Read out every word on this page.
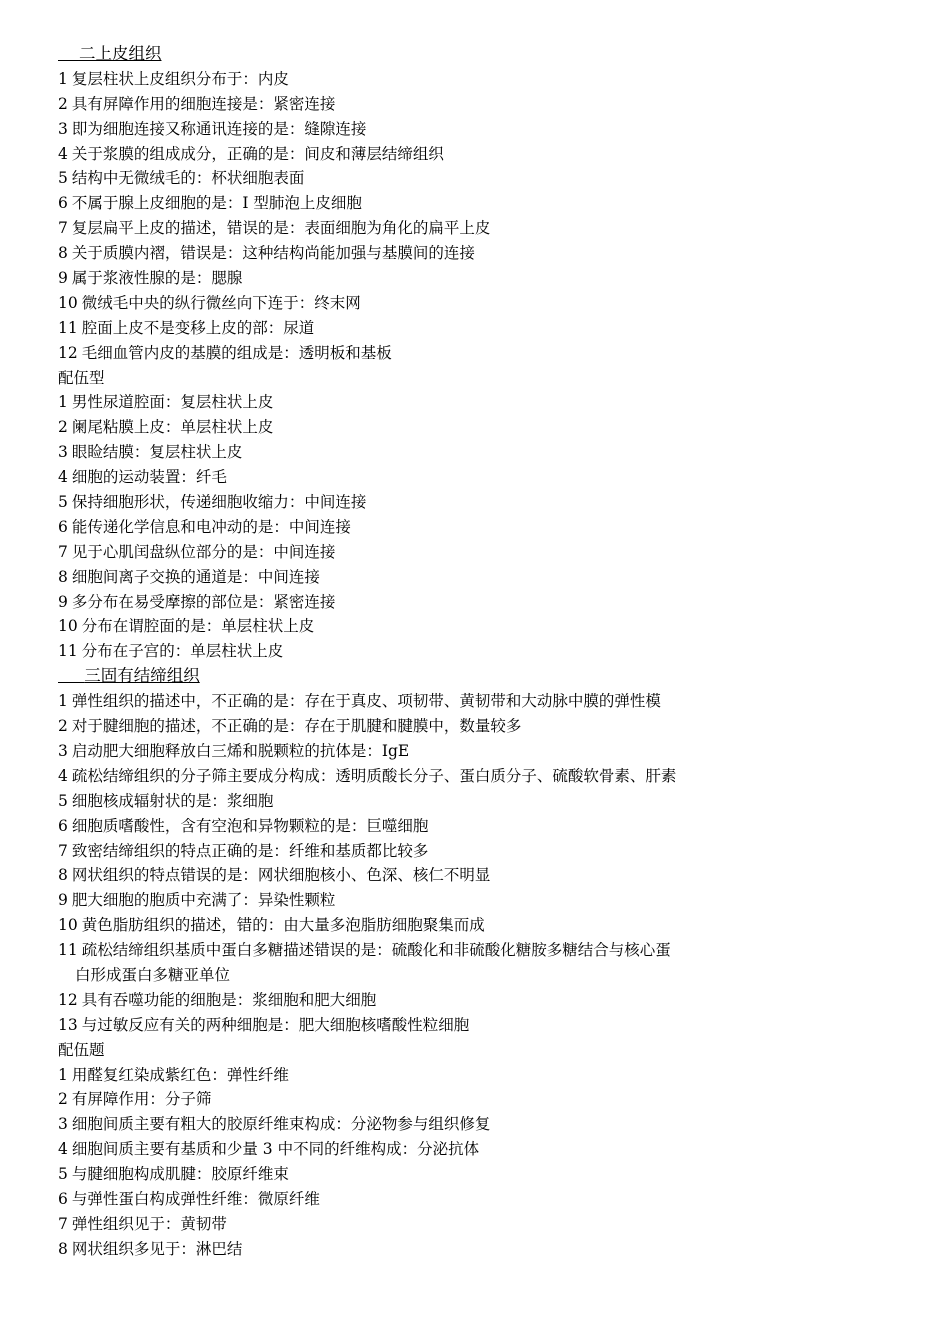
二上皮组织
1 复层柱状上皮组织分布于：内皮
2 具有屏障作用的细胞连接是：紧密连接
3 即为细胞连接又称通讯连接的是：缝隙连接
4 关于浆膜的组成成分，正确的是：间皮和薄层结缔组织
5 结构中无微绒毛的：杯状细胞表面
6 不属于腺上皮细胞的是：I 型肺泡上皮细胞
7 复层扁平上皮的描述，错误的是：表面细胞为角化的扁平上皮
8 关于质膜内褶，错误是：这种结构尚能加强与基膜间的连接
9 属于浆液性腺的是：腮腺
10 微绒毛中央的纵行微丝向下连于：终末网
11 腔面上皮不是变移上皮的部：尿道
12 毛细血管内皮的基膜的组成是：透明板和基板
配伍型
1 男性尿道腔面：复层柱状上皮
2 阑尾粘膜上皮：单层柱状上皮
3 眼睑结膜：复层柱状上皮
4 细胞的运动装置：纤毛
5 保持细胞形状，传递细胞收缩力：中间连接
6 能传递化学信息和电冲动的是：中间连接
7 见于心肌闰盘纵位部分的是：中间连接
8 细胞间离子交换的通道是：中间连接
9 多分布在易受摩擦的部位是：紧密连接
10 分布在谓腔面的是：单层柱状上皮
11 分布在子宫的：单层柱状上皮
三固有结缔组织
1 弹性组织的描述中，不正确的是：存在于真皮、项韧带、黄韧带和大动脉中膜的弹性模
2 对于腱细胞的描述，不正确的是：存在于肌腱和腱膜中，数量较多
3 启动肥大细胞释放白三烯和脱颗粒的抗体是：IgE
4 疏松结缔组织的分子筛主要成分构成：透明质酸长分子、蛋白质分子、硫酸软骨素、肝素
5 细胞核成辐射状的是：浆细胞
6 细胞质嗜酸性，含有空泡和异物颗粒的是：巨噬细胞
7 致密结缔组织的特点正确的是：纤维和基质都比较多
8 网状组织的特点错误的是：网状细胞核小、色深、核仁不明显
9 肥大细胞的胞质中充满了：异染性颗粒
10 黄色脂肪组织的描述，错的：由大量多泡脂肪细胞聚集而成
11 疏松结缔组织基质中蛋白多糖描述错误的是：硫酸化和非硫酸化糖胺多糖结合与核心蛋
白形成蛋白多糖亚单位
12 具有吞噬功能的细胞是：浆细胞和肥大细胞
13 与过敏反应有关的两种细胞是：肥大细胞核嗜酸性粒细胞
配伍题
1 用醛复红染成紫红色：弹性纤维
2 有屏障作用：分子筛
3 细胞间质主要有粗大的胶原纤维束构成：分泌物参与组织修复
4 细胞间质主要有基质和少量 3 中不同的纤维构成：分泌抗体
5 与腱细胞构成肌腱：胶原纤维束
6 与弹性蛋白构成弹性纤维：微原纤维
7 弹性组织见于：黄韧带
8 网状组织多见于：淋巴结
